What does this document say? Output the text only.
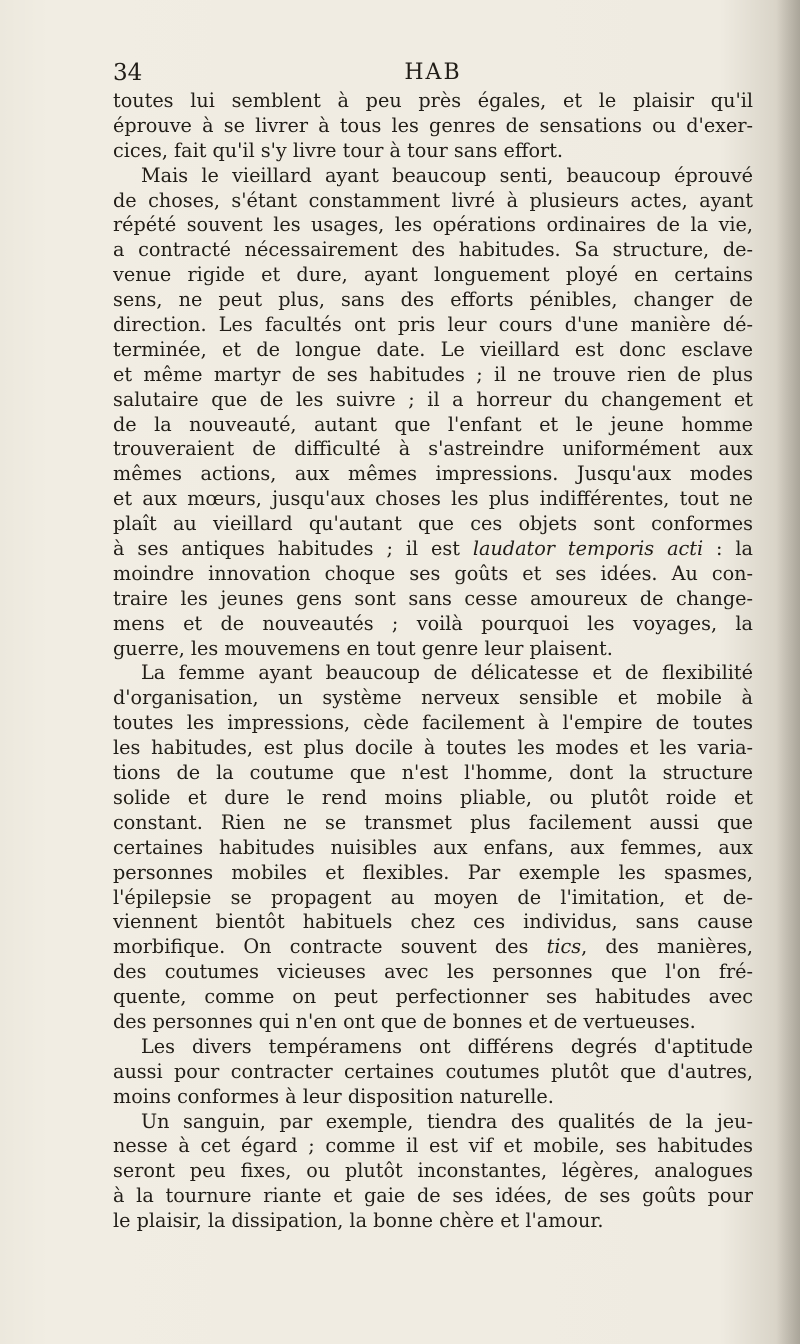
34	HAB
toutes lui semblent à peu près égales, et le plaisir qu'il
éprouve à se livrer à tous les genres de sensations ou d'exer-
cices, fait qu'il s'y livre tour à tour sans effort.
Mais le vieillard ayant beaucoup senti, beaucoup éprouvé
de choses, s'étant constamment livré à plusieurs actes, ayant
répété souvent les usages, les opérations ordinaires de la vie,
a contracté nécessairement des habitudes. Sa structure, de-
venue rigide et dure, ayant longuement ployé en certains
sens, ne peut plus, sans des efforts pénibles, changer de
direction. Les facultés ont pris leur cours d'une manière dé-
terminée, et de longue date. Le vieillard est donc esclave
et même martyr de ses habitudes ; il ne trouve rien de plus
salutaire que de les suivre ; il a horreur du changement et
de la nouveauté, autant que l'enfant et le jeune homme
trouveraient de difficulté à s'astreindre uniformément aux
mêmes actions, aux mêmes impressions. Jusqu'aux modes
et aux mœurs, jusqu'aux choses les plus indifférentes, tout ne
plaît au vieillard qu'autant que ces objets sont conformes
à ses antiques habitudes ; il est laudator temporis acti : la
moindre innovation choque ses goûts et ses idées. Au con-
traire les jeunes gens sont sans cesse amoureux de change-
mens et de nouveautés ; voilà pourquoi les voyages, la
guerre, les mouvemens en tout genre leur plaisent.
La femme ayant beaucoup de délicatesse et de flexibilité
d'organisation, un système nerveux sensible et mobile à
toutes les impressions, cède facilement à l'empire de toutes
les habitudes, est plus docile à toutes les modes et les varia-
tions de la coutume que n'est l'homme, dont la structure
solide et dure le rend moins pliable, ou plutôt roide et
constant. Rien ne se transmet plus facilement aussi que
certaines habitudes nuisibles aux enfans, aux femmes, aux
personnes mobiles et flexibles. Par exemple les spasmes,
l'épilepsie se propagent au moyen de l'imitation, et de-
viennent bientôt habituels chez ces individus, sans cause
morbifique. On contracte souvent des tics, des manières,
des coutumes vicieuses avec les personnes que l'on fré-
quente, comme on peut perfectionner ses habitudes avec
des personnes qui n'en ont que de bonnes et de vertueuses.
Les divers tempéramens ont différens degrés d'aptitude
aussi pour contracter certaines coutumes plutôt que d'autres,
moins conformes à leur disposition naturelle.
Un sanguin, par exemple, tiendra des qualités de la jeu-
nesse à cet égard ; comme il est vif et mobile, ses habitudes
seront peu fixes, ou plutôt inconstantes, légères, analogues
à la tournure riante et gaie de ses idées, de ses goûts pour
le plaisir, la dissipation, la bonne chère et l'amour.
